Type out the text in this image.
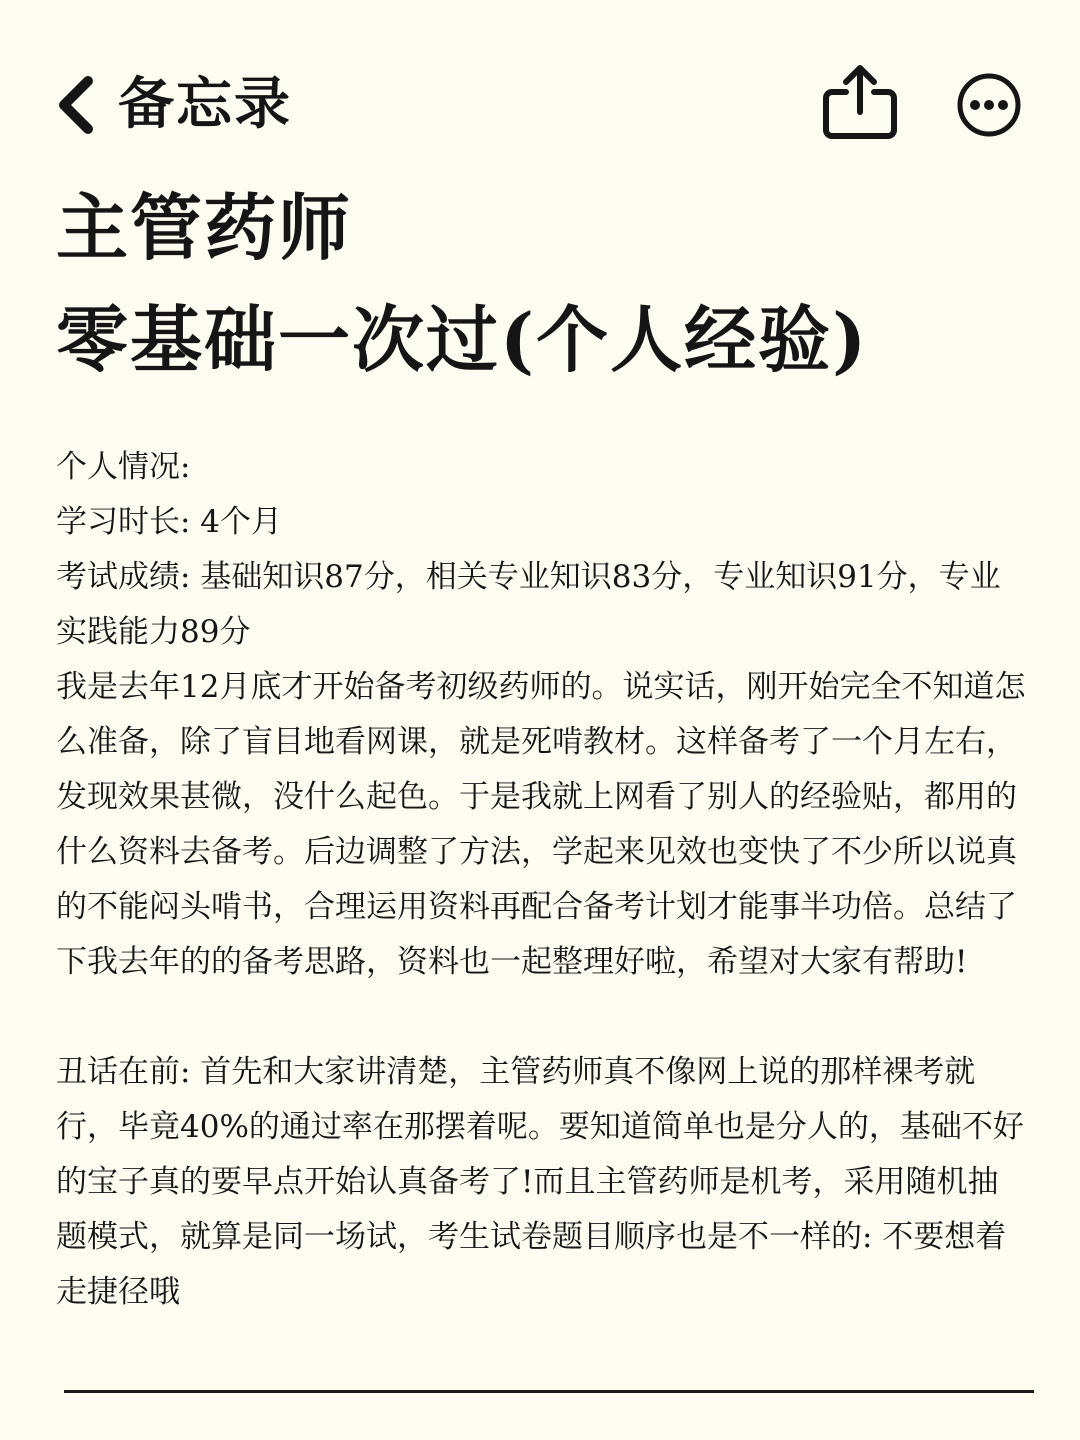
备忘录
主管药师
零基础一次过(个人经验)

个人情况:

学习时长: 4个月

考试成绩: 基础知识87分，相关专业知识83分，专业知识91分，专业实践能力89分

我是去年12月底才开始备考初级药师的。说实话，刚开始完全不知道怎么准备，除了盲目地看网课，就是死啃教材。这样备考了一个月左右，发现效果甚微，没什么起色。于是我就上网看了别人的经验贴，都用的什么资料去备考。后边调整了方法，学起来见效也变快了不少所以说真的不能闷头啃书，合理运用资料再配合备考计划才能事半功倍。总结了下我去年的的备考思路，资料也一起整理好啦，希望对大家有帮助!

丑话在前: 首先和大家讲清楚，主管药师真不像网上说的那样裸考就行，毕竟40%的通过率在那摆着呢。要知道简单也是分人的，基础不好的宝子真的要早点开始认真备考了!而且主管药师是机考，采用随机抽题模式，就算是同一场试，考生试卷题目顺序也是不一样的: 不要想着走捷径哦
